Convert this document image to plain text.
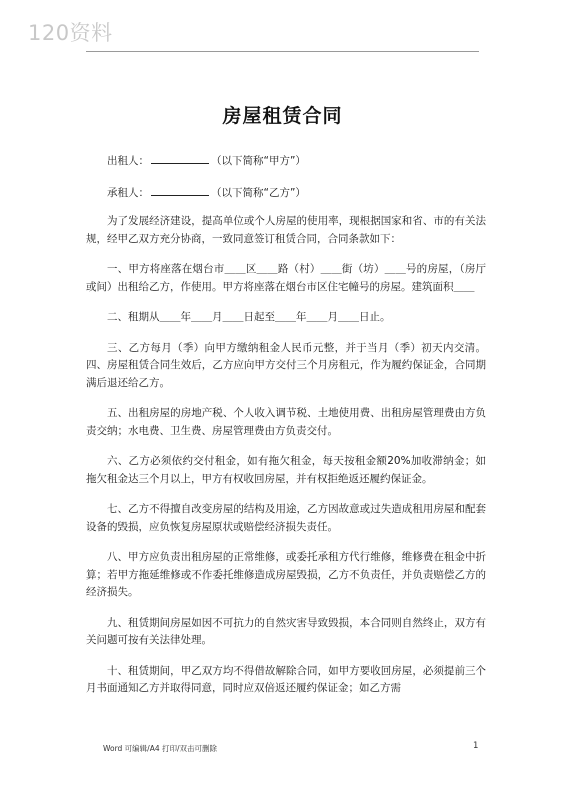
120资料
房屋租赁合同
出租人：	（以下简称“甲方”）
承租人：	（以下简称“乙方”）

为了发展经济建设，提高单位或个人房屋的使用率，现根据国家和省、市的有关法规，经甲乙双方充分协商，一致同意签订租赁合同，合同条款如下：

一、甲方将座落在烟台市＿＿区＿＿路（村）＿＿街（坊）＿＿号的房屋，（房厅或间）出租给乙方，作使用。甲方将座落在烟台市区住宅幢号的房屋。建筑面积＿＿

二、租期从＿＿年＿＿月＿＿日起至＿＿年＿＿月＿＿日止。

三、乙方每月（季）向甲方缴纳租金人民币元整，并于当月（季）初天内交清。四、房屋租赁合同生效后，乙方应向甲方交付三个月房租元，作为履约保证金，合同期满后退还给乙方。

五、出租房屋的房地产税、个人收入调节税、土地使用费、出租房屋管理费由方负责交纳；水电费、卫生费、房屋管理费由方负责交付。

六、乙方必须依约交付租金，如有拖欠租金，每天按租金额20%加收滞纳金；如拖欠租金达三个月以上，甲方有权收回房屋，并有权拒绝返还履约保证金。

七、乙方不得擅自改变房屋的结构及用途，乙方因故意或过失造成租用房屋和配套设备的毁损，应负恢复房屋原状或赔偿经济损失责任。

八、甲方应负责出租房屋的正常维修，或委托承租方代行维修，维修费在租金中折算；若甲方拖延维修或不作委托维修造成房屋毁损，乙方不负责任，并负责赔偿乙方的经济损失。

九、租赁期间房屋如因不可抗力的自然灾害导致毁损，本合同则自然终止，双方有关问题可按有关法律处理。

十、租赁期间，甲乙双方均不得借故解除合同，如甲方要收回房屋，必须提前三个月书面通知乙方并取得同意，同时应双倍返还履约保证金；如乙方需

Word 可编辑/A4 打印/双击可删除	1
